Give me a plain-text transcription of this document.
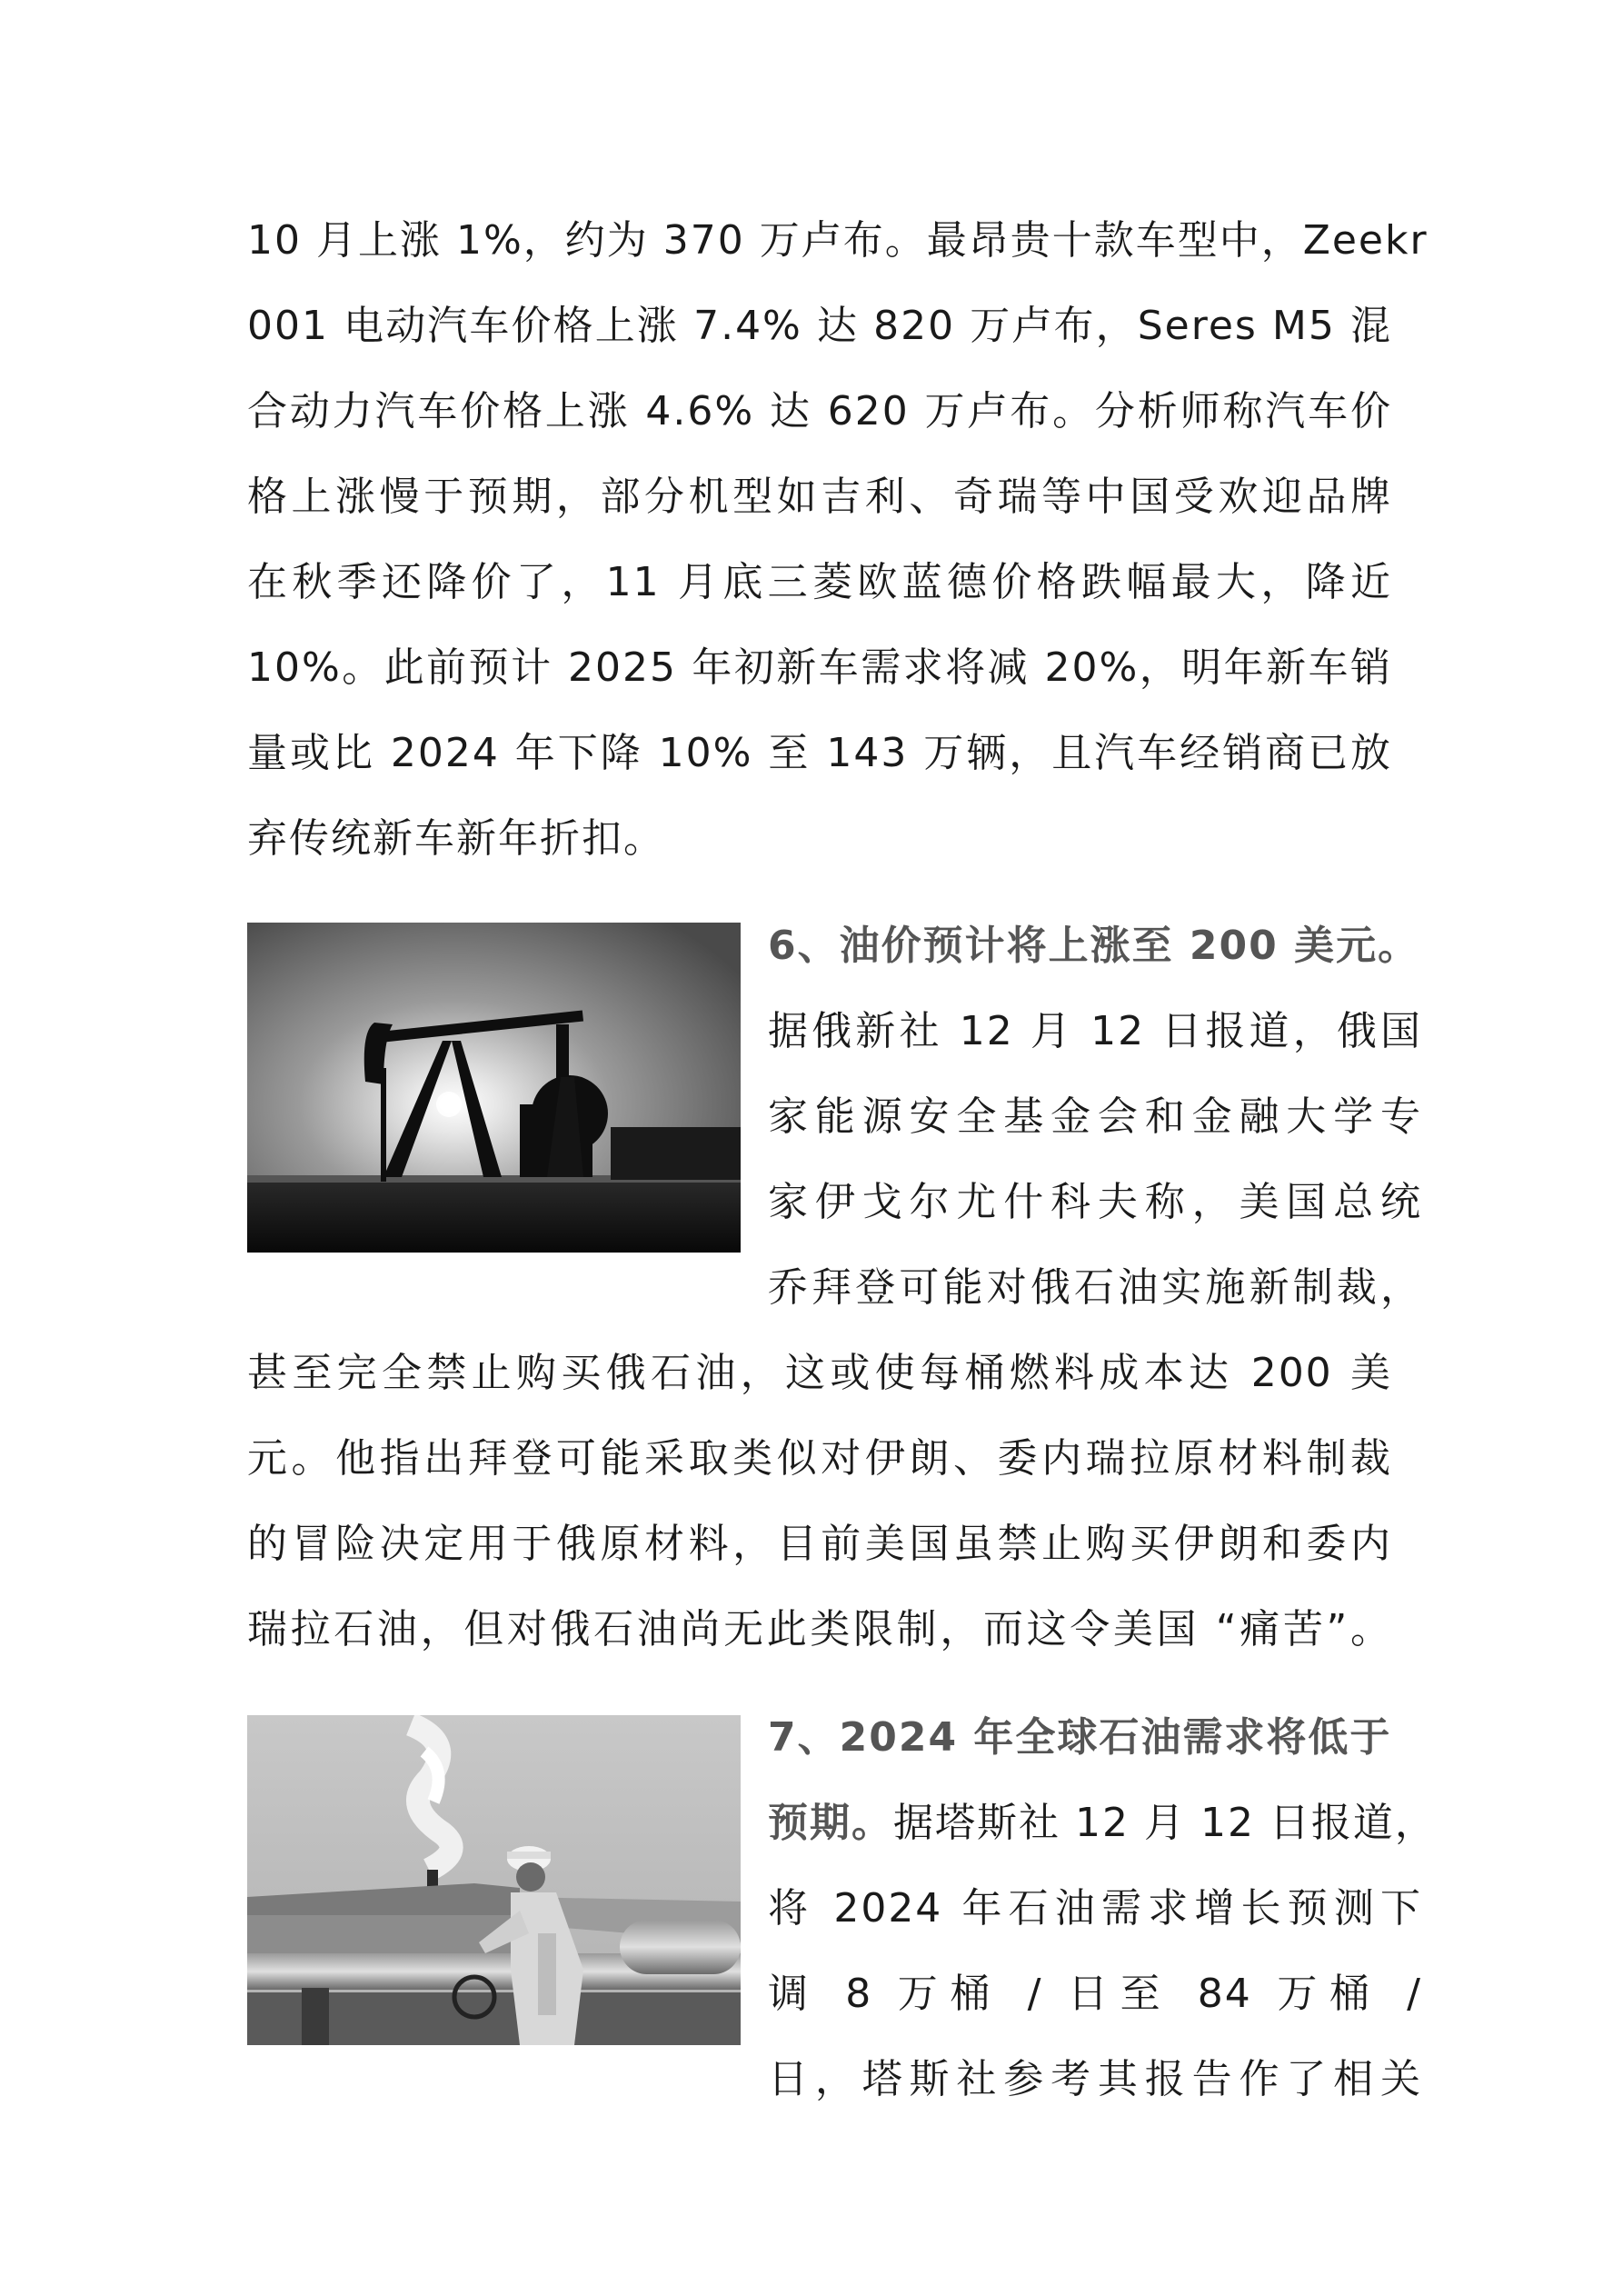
10 月上涨 1%，约为 370 万卢布。最昂贵十款车型中，Zeekr
001 电动汽车价格上涨 7.4% 达 820 万卢布，Seres M5 混
合动力汽车价格上涨 4.6% 达 620 万卢布。分析师称汽车价
格上涨慢于预期，部分机型如吉利、奇瑞等中国受欢迎品牌
在秋季还降价了，11 月底三菱欧蓝德价格跌幅最大，降近
10%。此前预计 2025 年初新车需求将减 20%，明年新车销
量或比 2024 年下降 10% 至 143 万辆，且汽车经销商已放
弃传统新车新年折扣。
6、油价预计将上涨至 200 美元。
据俄新社 12 月 12 日报道，俄国
家能源安全基金会和金融大学专
家伊戈尔尤什科夫称，美国总统
乔拜登可能对俄石油实施新制裁，
甚至完全禁止购买俄石油，这或使每桶燃料成本达 200 美
元。他指出拜登可能采取类似对伊朗、委内瑞拉原材料制裁
的冒险决定用于俄原材料，目前美国虽禁止购买伊朗和委内
瑞拉石油，但对俄石油尚无此类限制，而这令美国 “痛苦”。
7、2024 年全球石油需求将低于
预期。据塔斯社 12 月 12 日报道，
将 2024 年石油需求增长预测下
调 8 万桶 / 日至 84 万桶 /
日，塔斯社参考其报告作了相关
